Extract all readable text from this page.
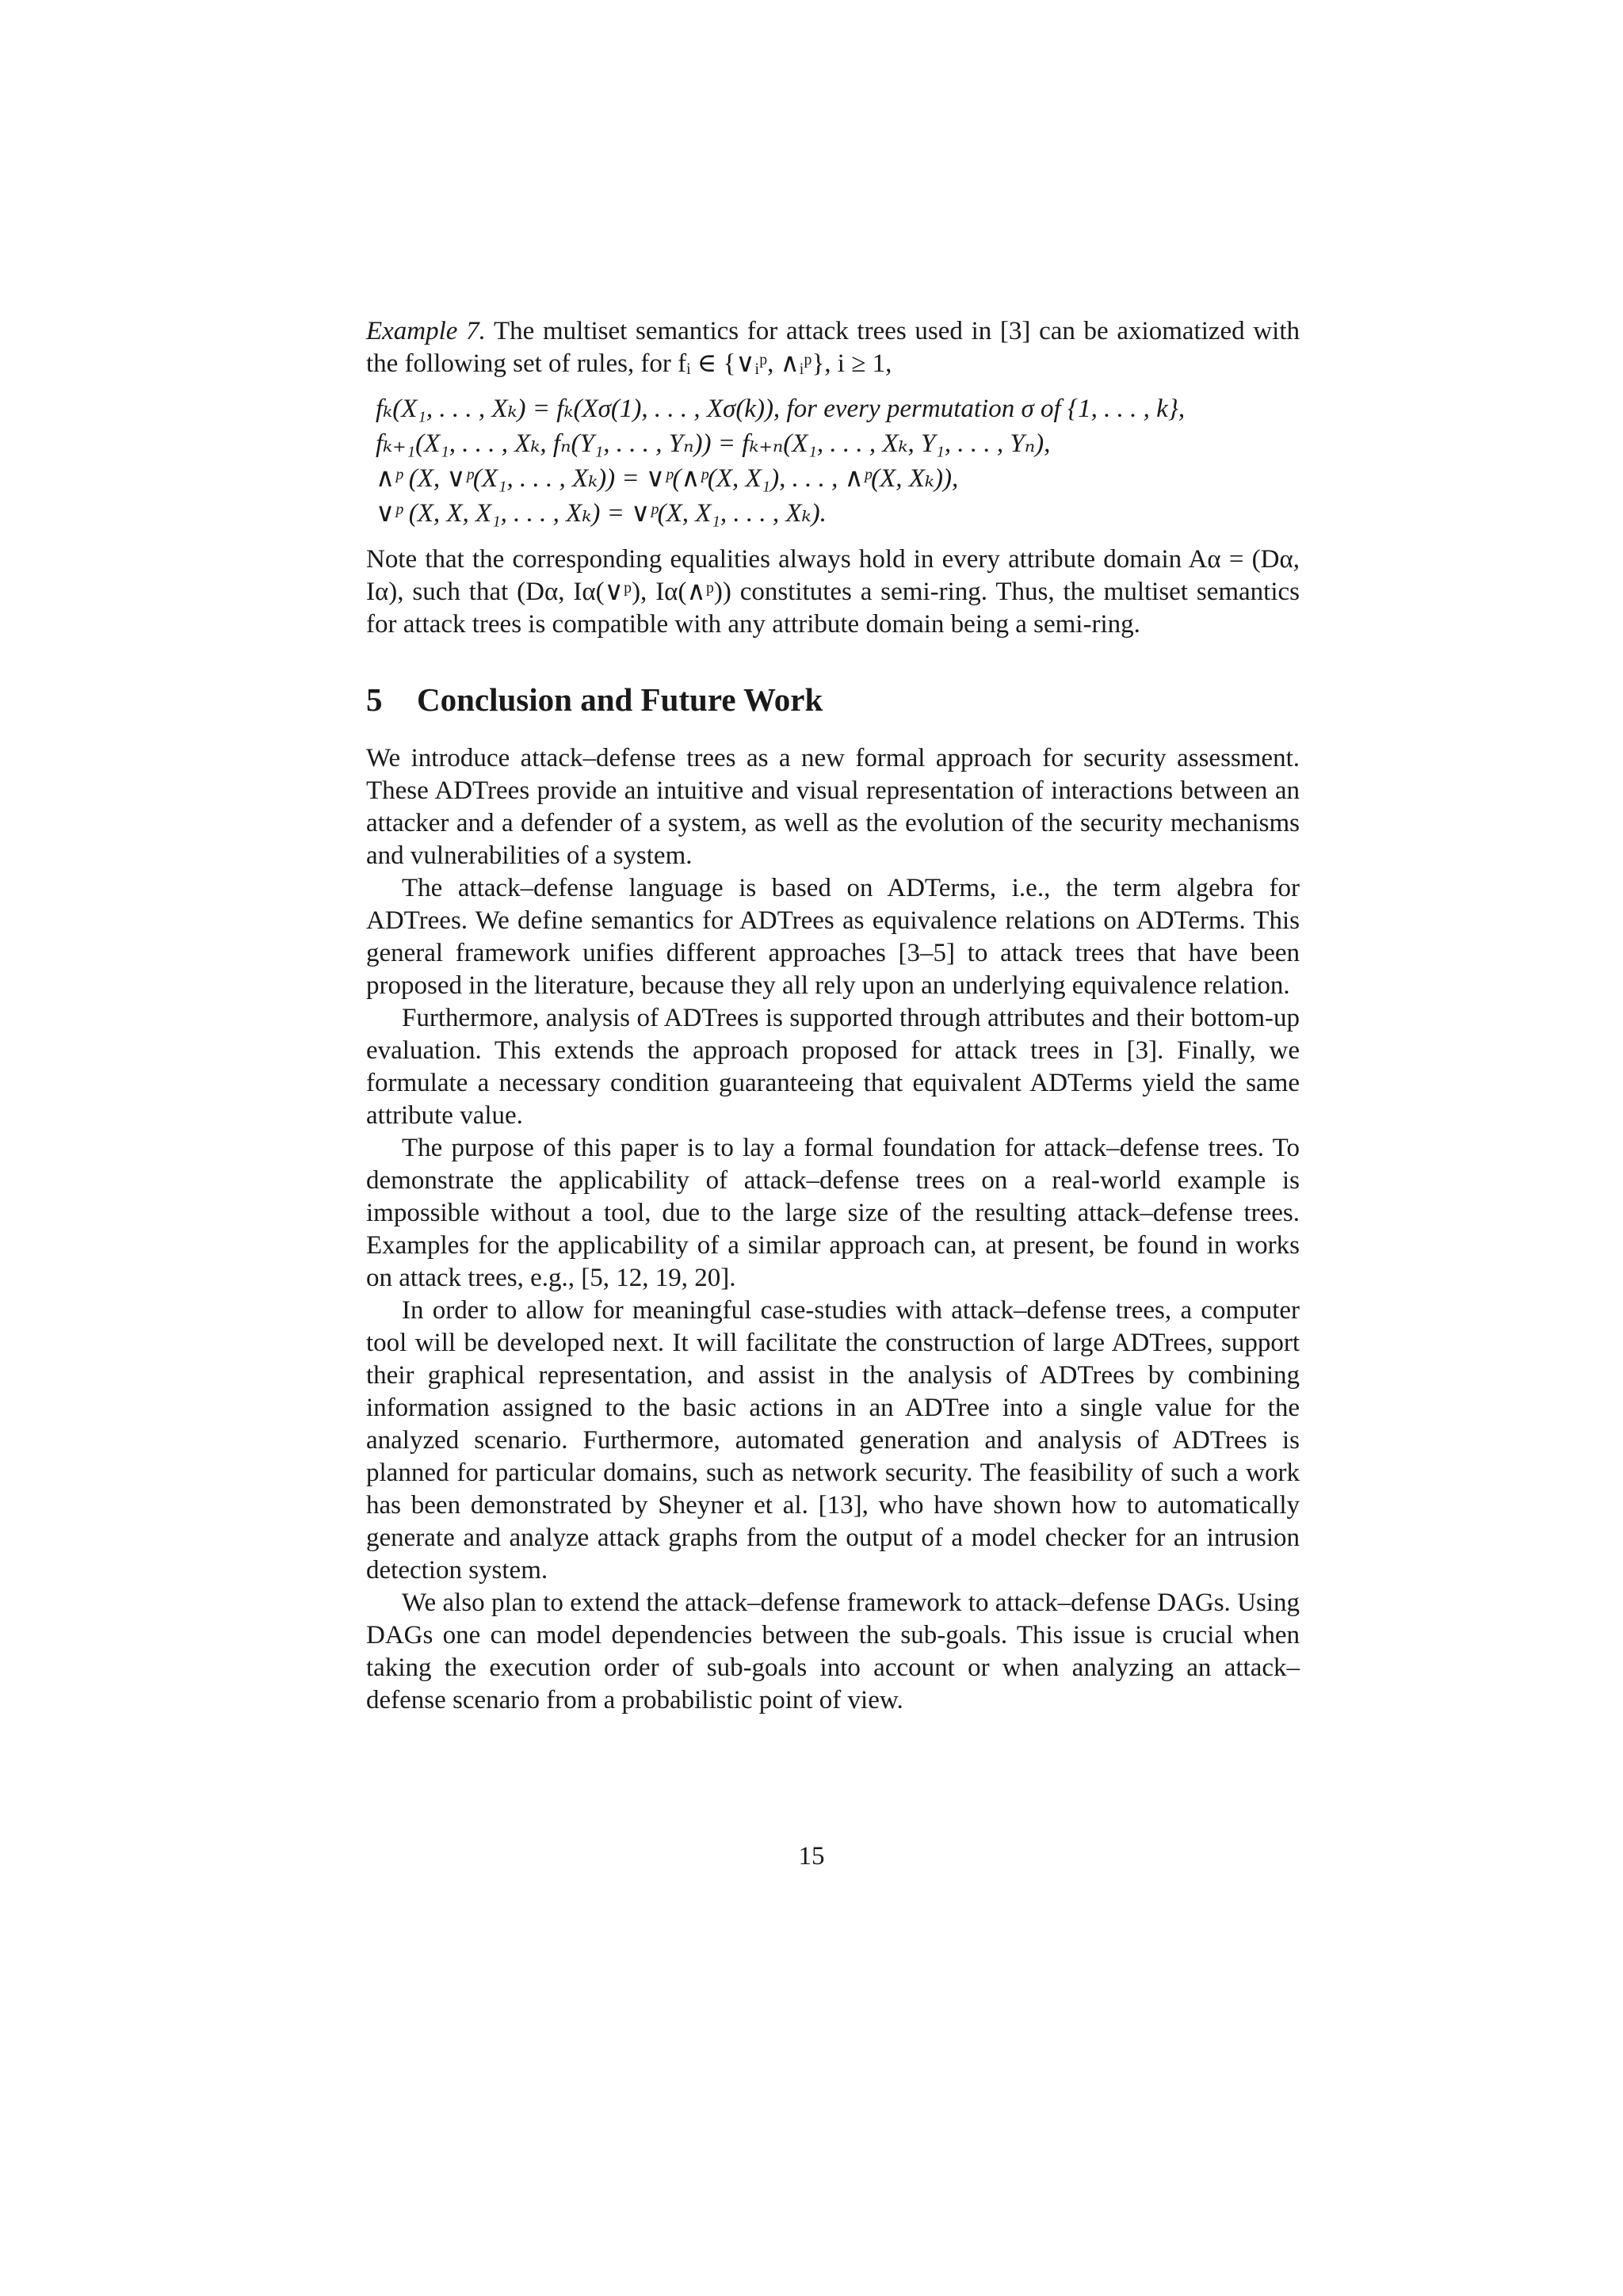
Example 7. The multiset semantics for attack trees used in [3] can be axiomatized with the following set of rules, for fᵢ ∈ {∨ᵢᵖ, ∧ᵢᵖ}, i ≥ 1,

fₖ(X₁, . . . , Xₖ) = fₖ(Xσ(1), . . . , Xσ(k)), for every permutation σ of {1, . . . , k},
fₖ₊₁(X₁, . . . , Xₖ, fₙ(Y₁, . . . , Yₙ)) = fₖ₊ₙ(X₁, . . . , Xₖ, Y₁, . . . , Yₙ),
∧ᵖ (X, ∨ᵖ(X₁, . . . , Xₖ)) = ∨ᵖ(∧ᵖ(X, X₁), . . . , ∧ᵖ(X, Xₖ)),
∨ᵖ (X, X, X₁, . . . , Xₖ) = ∨ᵖ(X, X₁, . . . , Xₖ).

Note that the corresponding equalities always hold in every attribute domain Aα = (Dα, Iα), such that (Dα, Iα(∨ᵖ), Iα(∧ᵖ)) constitutes a semi-ring. Thus, the multiset semantics for attack trees is compatible with any attribute domain being a semi-ring.

5 Conclusion and Future Work

We introduce attack–defense trees as a new formal approach for security assessment. These ADTrees provide an intuitive and visual representation of interactions between an attacker and a defender of a system, as well as the evolution of the security mechanisms and vulnerabilities of a system.

The attack–defense language is based on ADTerms, i.e., the term algebra for ADTrees. We define semantics for ADTrees as equivalence relations on ADTerms. This general framework unifies different approaches [3–5] to attack trees that have been proposed in the literature, because they all rely upon an underlying equivalence relation.

Furthermore, analysis of ADTrees is supported through attributes and their bottom-up evaluation. This extends the approach proposed for attack trees in [3]. Finally, we formulate a necessary condition guaranteeing that equivalent ADTerms yield the same attribute value.

The purpose of this paper is to lay a formal foundation for attack–defense trees. To demonstrate the applicability of attack–defense trees on a real-world example is impossible without a tool, due to the large size of the resulting attack–defense trees. Examples for the applicability of a similar approach can, at present, be found in works on attack trees, e.g., [5, 12, 19, 20].

In order to allow for meaningful case-studies with attack–defense trees, a computer tool will be developed next. It will facilitate the construction of large ADTrees, support their graphical representation, and assist in the analysis of ADTrees by combining information assigned to the basic actions in an ADTree into a single value for the analyzed scenario. Furthermore, automated generation and analysis of ADTrees is planned for particular domains, such as network security. The feasibility of such a work has been demonstrated by Sheyner et al. [13], who have shown how to automatically generate and analyze attack graphs from the output of a model checker for an intrusion detection system.

We also plan to extend the attack–defense framework to attack–defense DAGs. Using DAGs one can model dependencies between the sub-goals. This issue is crucial when taking the execution order of sub-goals into account or when analyzing an attack–defense scenario from a probabilistic point of view.

15
